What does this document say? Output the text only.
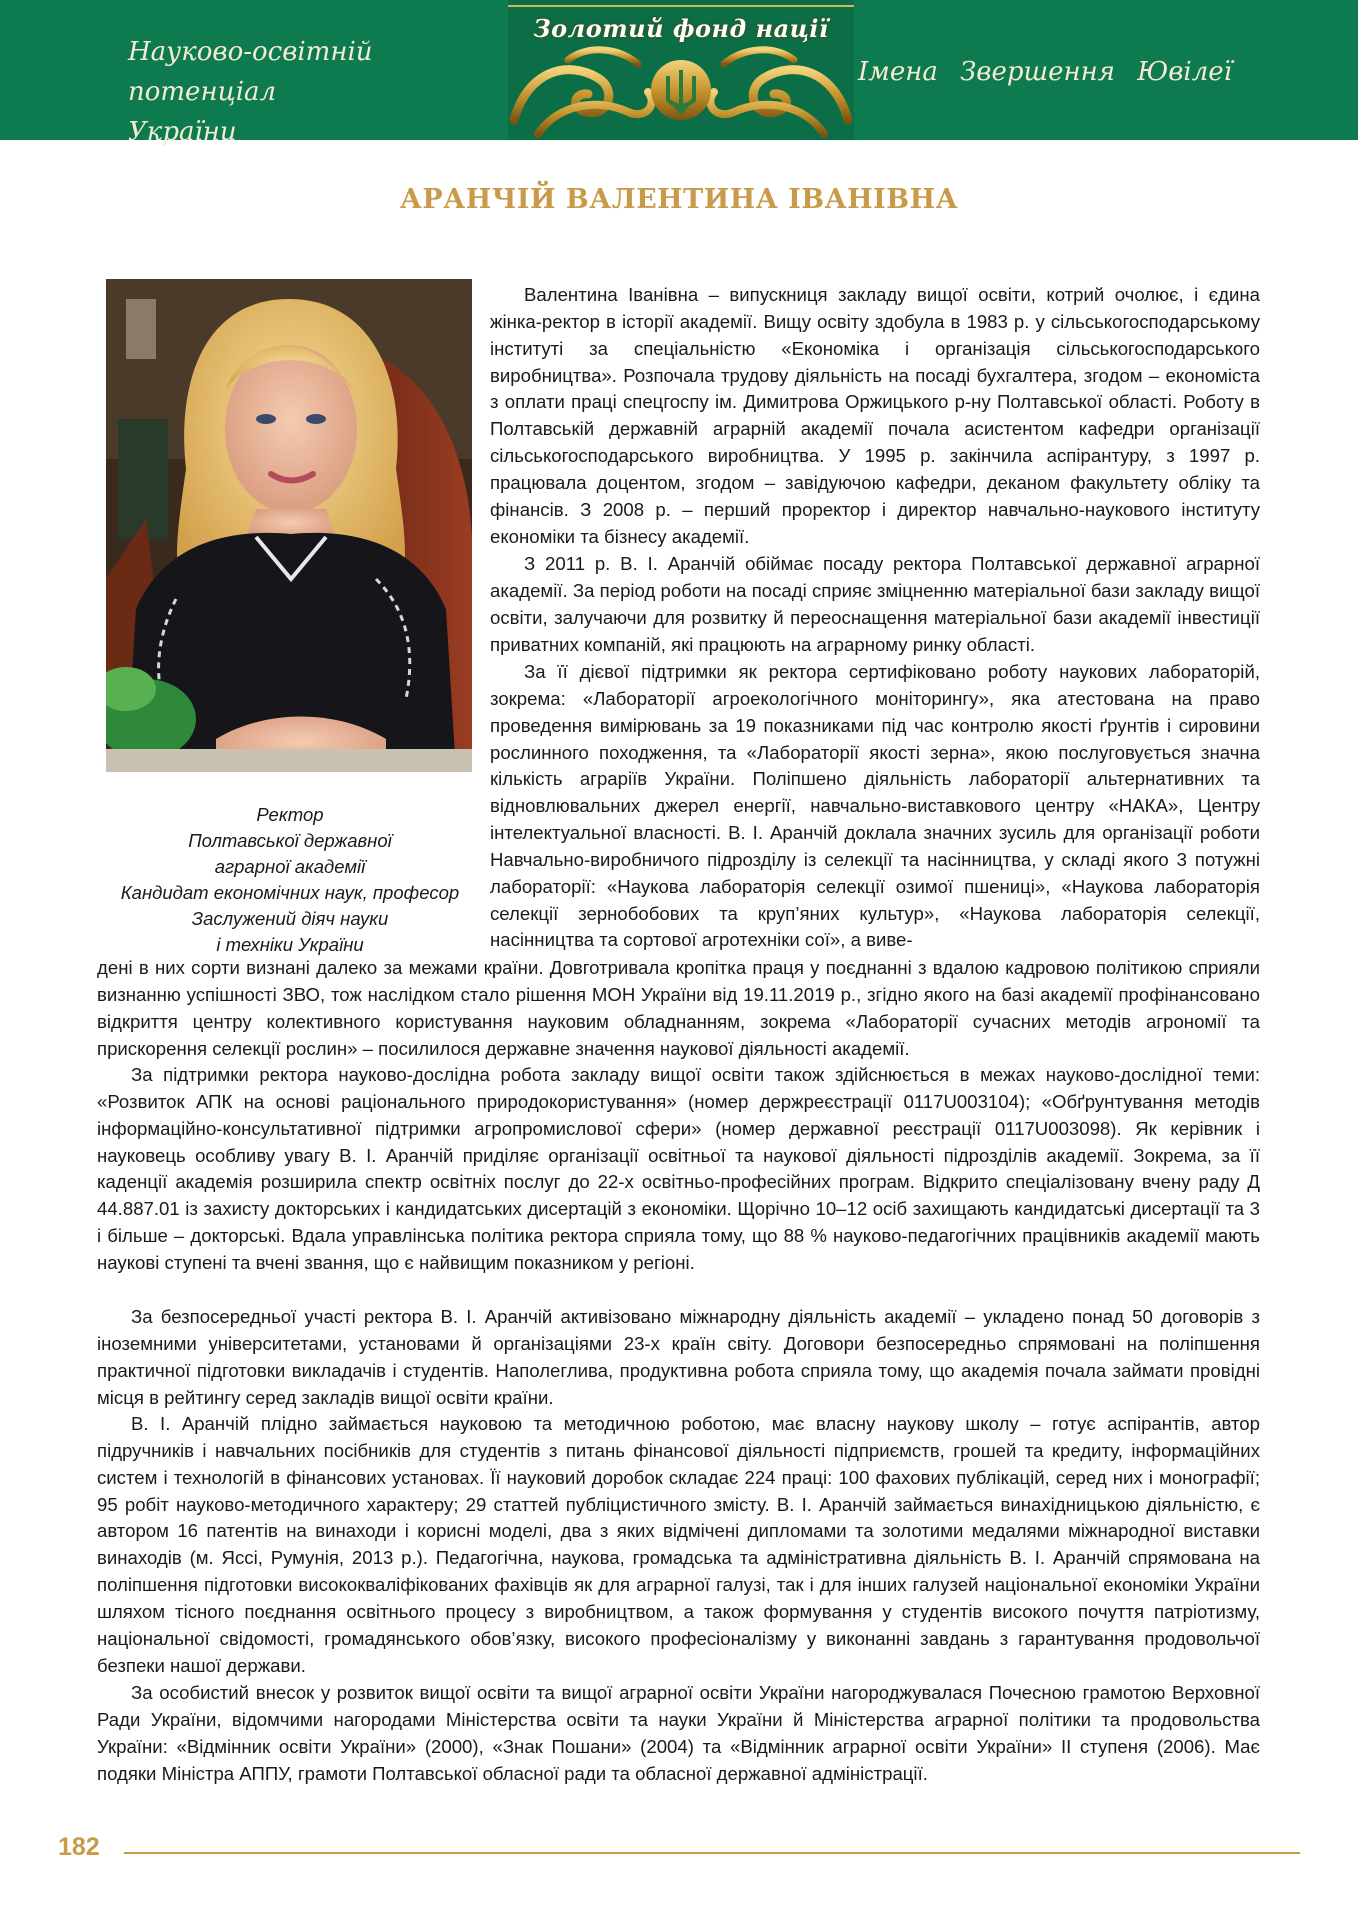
Науково-освітній
потенціал України
Золотий фонд нації
Імена Звершення Ювілеї
АРАНЧІЙ ВАЛЕНТИНА ІВАНІВНА
Ректор
Полтавської державної
аграрної академії
Кандидат економічних наук, професор
Заслужений діяч науки
і техніки України

Валентина Іванівна – випускниця закладу вищої освіти, котрий очолює, і єдина жінка-ректор в історії академії. Вищу освіту здобула в 1983 р. у сільськогосподарському інституті за спеціальністю «Економіка і організація сільськогосподарського виробництва». Розпочала трудову діяльність на посаді бухгалтера, згодом – економіста з оплати праці спецгоспу ім. Димитрова Оржицького р-ну Полтавської області. Роботу в Полтавській державній аграрній академії почала асистентом кафедри організації сільськогосподарського виробництва. У 1995 р. закінчила аспірантуру, з 1997 р. працювала доцентом, згодом – завідуючою кафедри, деканом факультету обліку та фінансів. З 2008 р. – перший проректор і директор навчально-наукового інституту економіки та бізнесу академії.

З 2011 р. В. І. Аранчій обіймає посаду ректора Полтавської державної аграрної академії. За період роботи на посаді сприяє зміцненню матеріальної бази закладу вищої освіти, залучаючи для розвитку й переоснащення матеріальної бази академії інвестиції приватних компаній, які працюють на аграрному ринку області.

За її дієвої підтримки як ректора сертифіковано роботу наукових лабораторій, зокрема: «Лабораторії агроекологічного моніторингу», яка атестована на право проведення вимірювань за 19 показниками під час контролю якості ґрунтів і сировини рослинного походження, та «Лабораторії якості зерна», якою послуговується значна кількість аграріїв України. Поліпшено діяльність лабораторії альтернативних та відновлювальних джерел енергії, навчально-виставкового центру «НАКА», Центру інтелектуальної власності. В. І. Аранчій доклала значних зусиль для організації роботи Навчально-виробничого підрозділу із селекції та насінництва, у складі якого 3 потужні лабораторії: «Наукова лабораторія селекції озимої пшениці», «Наукова лабораторія селекції зернобобових та круп’яних культур», «Наукова лабораторія селекції, насінництва та сортової агротехніки сої», а виве-

дені в них сорти визнані далеко за межами країни. Довготривала кропітка праця у поєднанні з вдалою кадровою політикою сприяли визнанню успішності ЗВО, тож наслідком стало рішення МОН України від 19.11.2019 р., згідно якого на базі академії профінансовано відкриття центру колективного користування науковим обладнанням, зокрема «Лабораторії сучасних методів агрономії та прискорення селекції рослин» – посилилося державне значення наукової діяльності академії.

За підтримки ректора науково-дослідна робота закладу вищої освіти також здійснюється в межах науково-дослідної теми: «Розвиток АПК на основі раціонального природокористування» (номер держреєстрації 0117U003104); «Обґрунтування методів інформаційно-консультативної підтримки агропромислової сфери» (номер державної реєстрації 0117U003098). Як керівник і науковець особливу увагу В. І. Аранчій приділяє організації освітньої та наукової діяльності підрозділів академії. Зокрема, за її каденції академія розширила спектр освітніх послуг до 22-х освітньо-професійних програм. Відкрито спеціалізовану вчену раду Д 44.887.01 із захисту докторських і кандидатських дисертацій з економіки. Щорічно 10–12 осіб захищають кандидатські дисертації та 3 і більше – докторські. Вдала управлінська політика ректора сприяла тому, що 88 % науково-педагогічних працівників академії мають наукові ступені та вчені звання, що є найвищим показником у регіоні.

За безпосередньої участі ректора В. І. Аранчій активізовано міжнародну діяльність академії – укладено понад 50 договорів з іноземними університетами, установами й організаціями 23-х країн світу. Договори безпосередньо спрямовані на поліпшення практичної підготовки викладачів і студентів. Наполеглива, продуктивна робота сприяла тому, що академія почала займати провідні місця в рейтингу серед закладів вищої освіти країни.

В. І. Аранчій плідно займається науковою та методичною роботою, має власну наукову школу – готує аспірантів, автор підручників і навчальних посібників для студентів з питань фінансової діяльності підприємств, грошей та кредиту, інформаційних систем і технологій в фінансових установах. Її науковий доробок складає 224 праці: 100 фахових публікацій, серед них і монографії; 95 робіт науково-методичного характеру; 29 статтей публіцистичного змісту. В. І. Аранчій займається винахідницькою діяльністю, є автором 16 патентів на винаходи і корисні моделі, два з яких відмічені дипломами та золотими медалями міжнародної виставки винаходів (м. Яссі, Румунія, 2013 р.). Педагогічна, наукова, громадська та адміністративна діяльність В. І. Аранчій спрямована на поліпшення підготовки висококваліфікованих фахівців як для аграрної галузі, так і для інших галузей національної економіки України шляхом тісного поєднання освітнього процесу з виробництвом, а також формування у студентів високого почуття патріотизму, національної свідомості, громадянського обов’язку, високого професіоналізму у виконанні завдань з гарантування продовольчої безпеки нашої держави.

За особистий внесок у розвиток вищої освіти та вищої аграрної освіти України нагороджувалася Почесною грамотою Верховної Ради України, відомчими нагородами Міністерства освіти та науки України й Міністерства аграрної політики та продовольства України: «Відмінник освіти України» (2000), «Знак Пошани» (2004) та «Відмінник аграрної освіти України» ІІ ступеня (2006). Має подяки Міністра АППУ, грамоти Полтавської обласної ради та обласної державної адміністрації.

182
